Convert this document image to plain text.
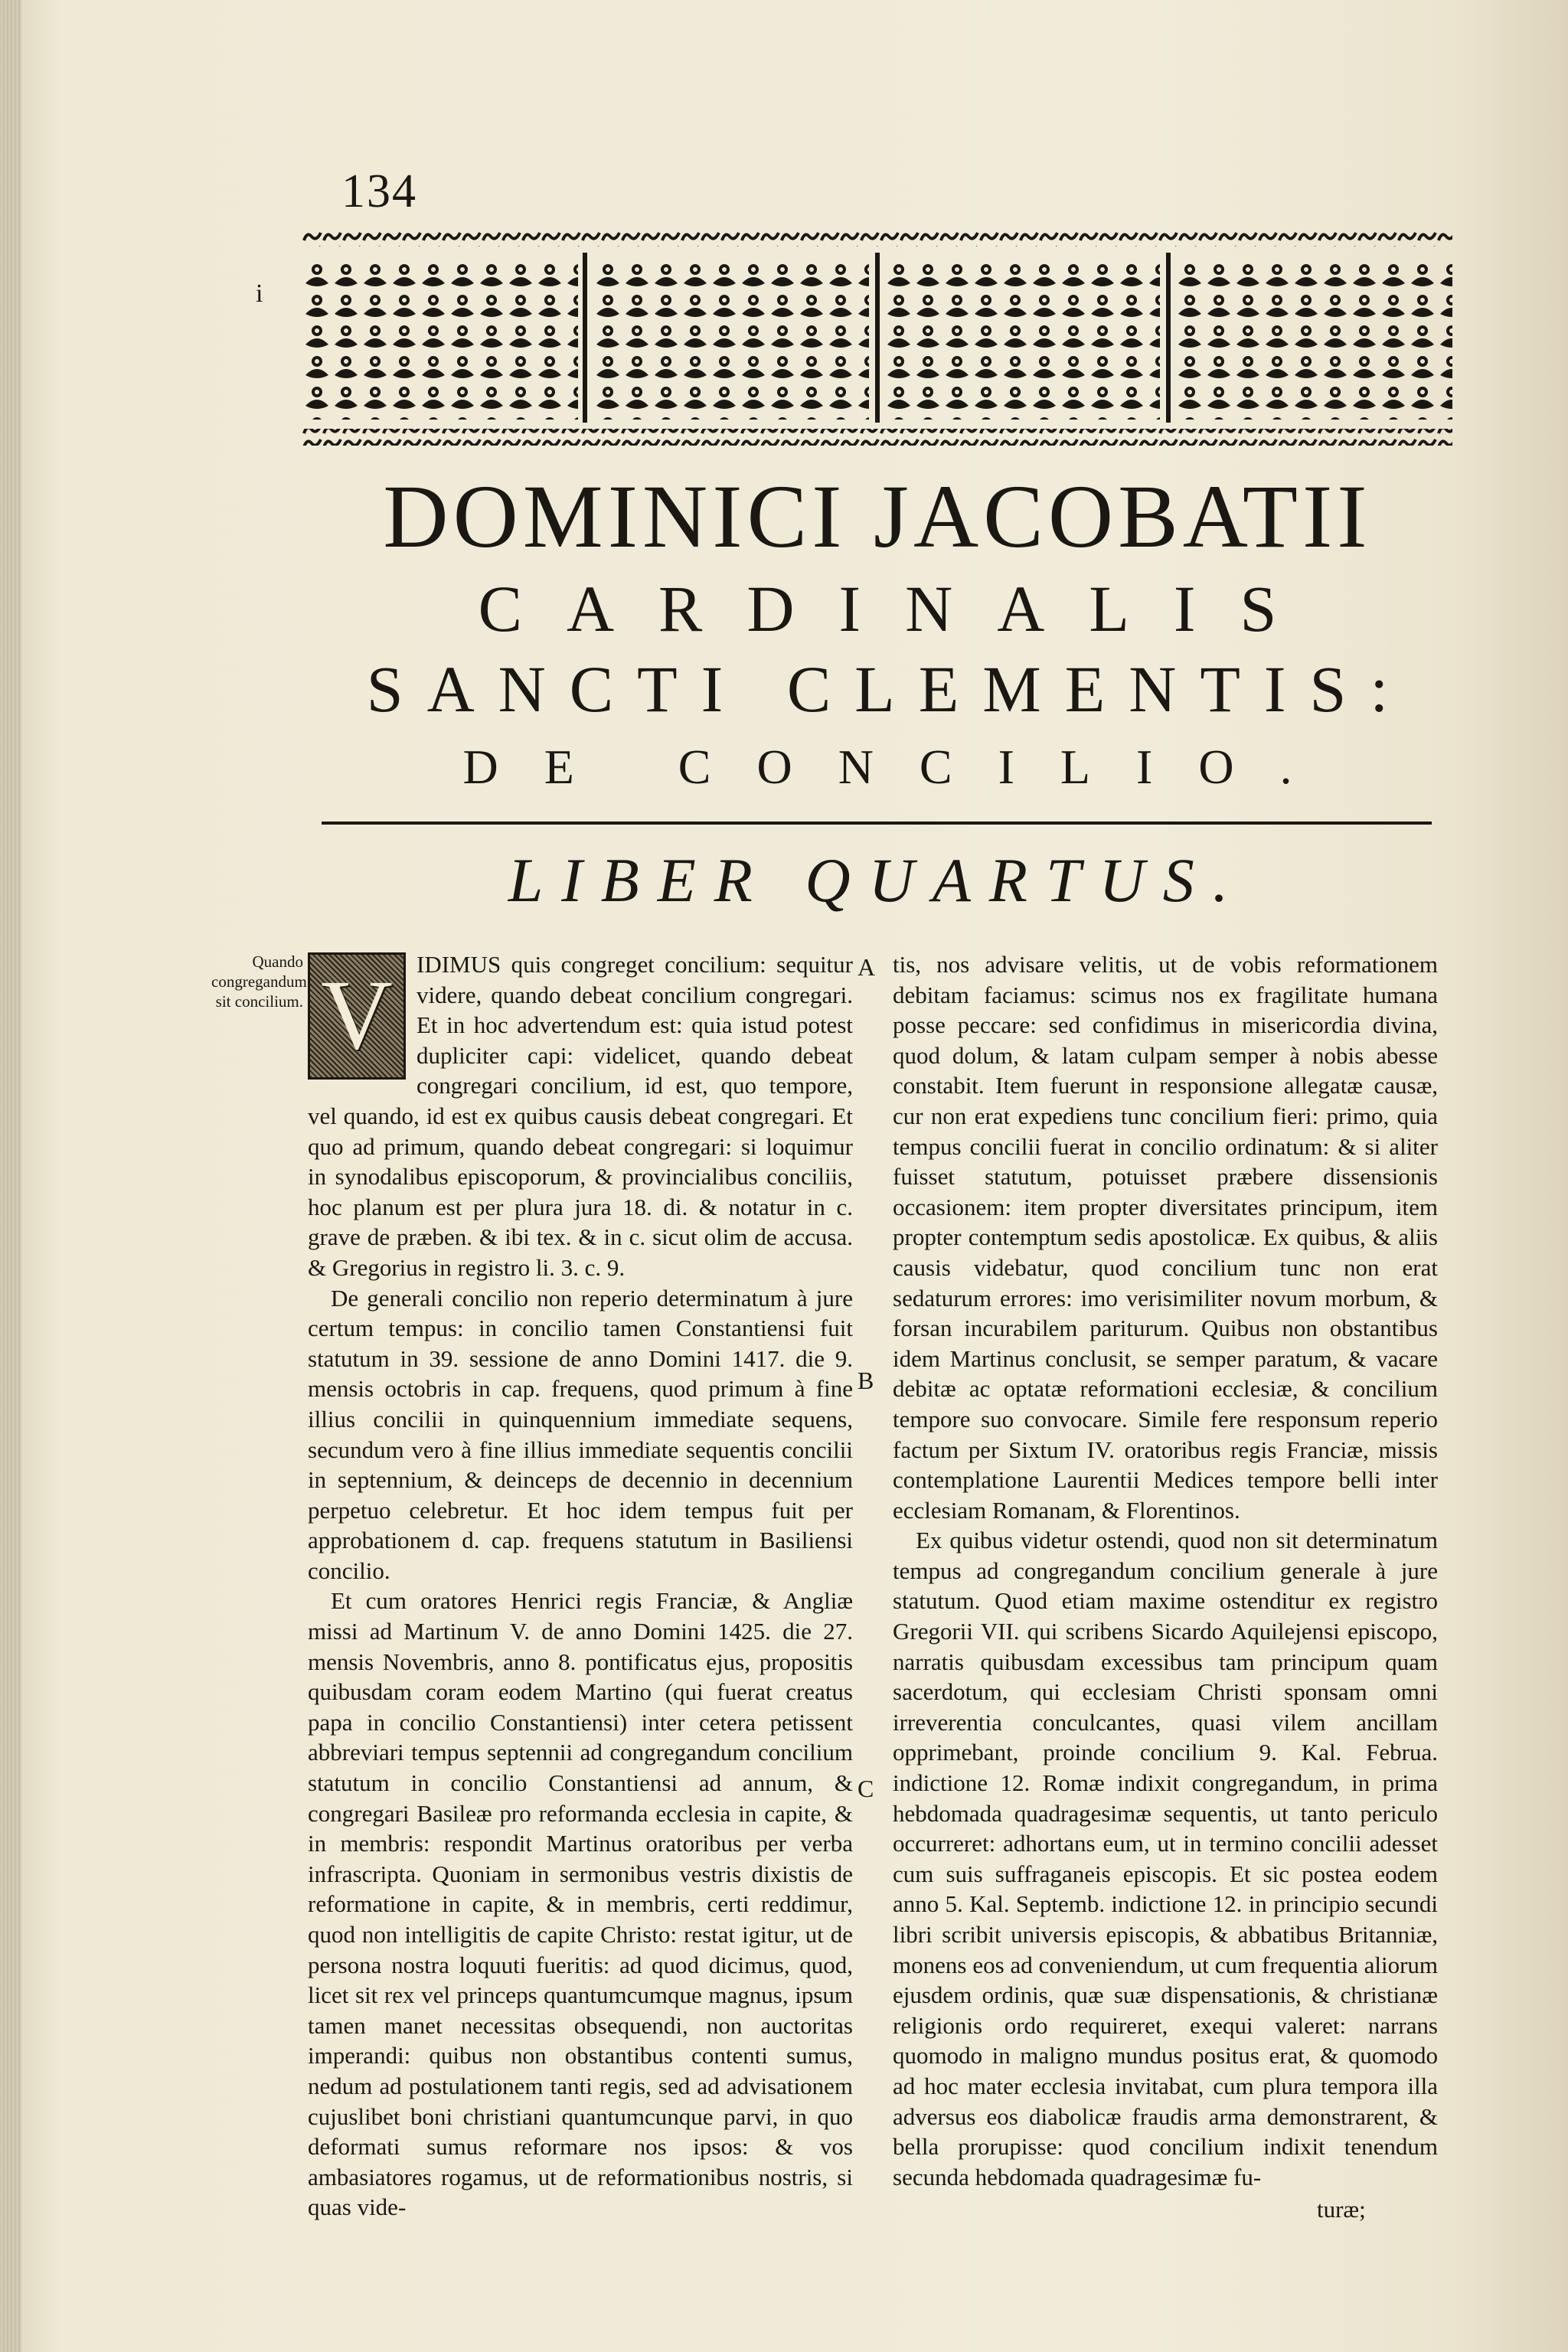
134
i
DOMINICI JACOBATII
CARDINALIS
SANCTI CLEMENTIS:
DE CONCILIO.
LIBER QUARTUS.
Quando congregandum sit concilium. V	IDIMUS quis congreget concilium: sequitur videre, quando debeat concilium congregari. Et in hoc advertendum est: quia istud potest dupliciter capi: videlicet, quando debeat congregari concilium, id est, quo tempore, vel quando, id est ex quibus causis debeat congregari. Et quo ad primum, quando debeat congregari: si loquimur in synodalibus episcoporum, & provincialibus conciliis, hoc planum est per plura jura 18. di. & notatur in c. grave de præben. & ibi tex. & in c. sicut olim de accusa. & Gregorius in registro li. 3. c. 9.

De generali concilio non reperio determinatum à jure certum tempus: in concilio tamen Constantiensi fuit statutum in 39. sessione de anno Domini 1417. die 9. mensis octobris in cap. frequens, quod primum à fine illius concilii in quinquennium immediate sequens, secundum vero à fine illius immediate sequentis concilii in septennium, & deinceps de decennio in decennium perpetuo celebretur. Et hoc idem tempus fuit per approbationem d. cap. frequens statutum in Basiliensi concilio.

Et cum oratores Henrici regis Franciæ, & Angliæ missi ad Martinum V. de anno Domini 1425. die 27. mensis Novembris, anno 8. pontificatus ejus, propositis quibusdam coram eodem Martino (qui fuerat creatus papa in concilio Constantiensi) inter cetera petissent abbreviari tempus septennii ad congregandum concilium statutum in concilio Constantiensi ad annum, & congregari Basileæ pro reformanda ecclesia in capite, & in membris: respondit Martinus oratoribus per verba infrascripta. Quoniam in sermonibus vestris dixistis de reformatione in capite, & in membris, certi reddimur, quod non intelligitis de capite Christo: restat igitur, ut de persona nostra loquuti fueritis: ad quod dicimus, quod, licet sit rex vel princeps quantumcumque magnus, ipsum tamen manet necessitas obsequendi, non auctoritas imperandi: quibus non obstantibus contenti sumus, nedum ad postulationem tanti regis, sed ad advisationem cujuslibet boni christiani quantumcunque parvi, in quo deformati sumus reformare nos ipsos: & vos ambasiatores rogamus, ut de reformationibus nostris, si quas vide-

A
B
C

tis, nos advisare velitis, ut de vobis reformationem debitam faciamus: scimus nos ex fragilitate humana posse peccare: sed confidimus in misericordia divina, quod dolum, & latam culpam semper à nobis abesse constabit. Item fuerunt in responsione allegatæ causæ, cur non erat expediens tunc concilium fieri: primo, quia tempus concilii fuerat in concilio ordinatum: & si aliter fuisset statutum, potuisset præbere dissensionis occasionem: item propter diversitates principum, item propter contemptum sedis apostolicæ. Ex quibus, & aliis causis videbatur, quod concilium tunc non erat sedaturum errores: imo verisimiliter novum morbum, & forsan incurabilem pariturum. Quibus non obstantibus idem Martinus conclusit, se semper paratum, & vacare debitæ ac optatæ reformationi ecclesiæ, & concilium tempore suo convocare. Simile fere responsum reperio factum per Sixtum IV. oratoribus regis Franciæ, missis contemplatione Laurentii Medices tempore belli inter ecclesiam Romanam, & Florentinos.

Ex quibus videtur ostendi, quod non sit determinatum tempus ad congregandum concilium generale à jure statutum. Quod etiam maxime ostenditur ex registro Gregorii VII. qui scribens Sicardo Aquilejensi episcopo, narratis quibusdam excessibus tam principum quam sacerdotum, qui ecclesiam Christi sponsam omni irreverentia conculcantes, quasi vilem ancillam opprimebant, proinde concilium 9. Kal. Februa. indictione 12. Romæ indixit congregandum, in prima hebdomada quadragesimæ sequentis, ut tanto periculo occurreret: adhortans eum, ut in termino concilii adesset cum suis suffraganeis episcopis. Et sic postea eodem anno 5. Kal. Septemb. indictione 12. in principio secundi libri scribit universis episcopis, & abbatibus Britanniæ, monens eos ad conveniendum, ut cum frequentia aliorum ejusdem ordinis, quæ suæ dispensationis, & christianæ religionis ordo requireret, exequi valeret: narrans quomodo in maligno mundus positus erat, & quomodo ad hoc mater ecclesia invitabat, cum plura tempora illa adversus eos diabolicæ fraudis arma demonstrarent, & bella prorupisse: quod concilium indixit tenendum secunda hebdomada quadragesimæ fu-

turæ;
